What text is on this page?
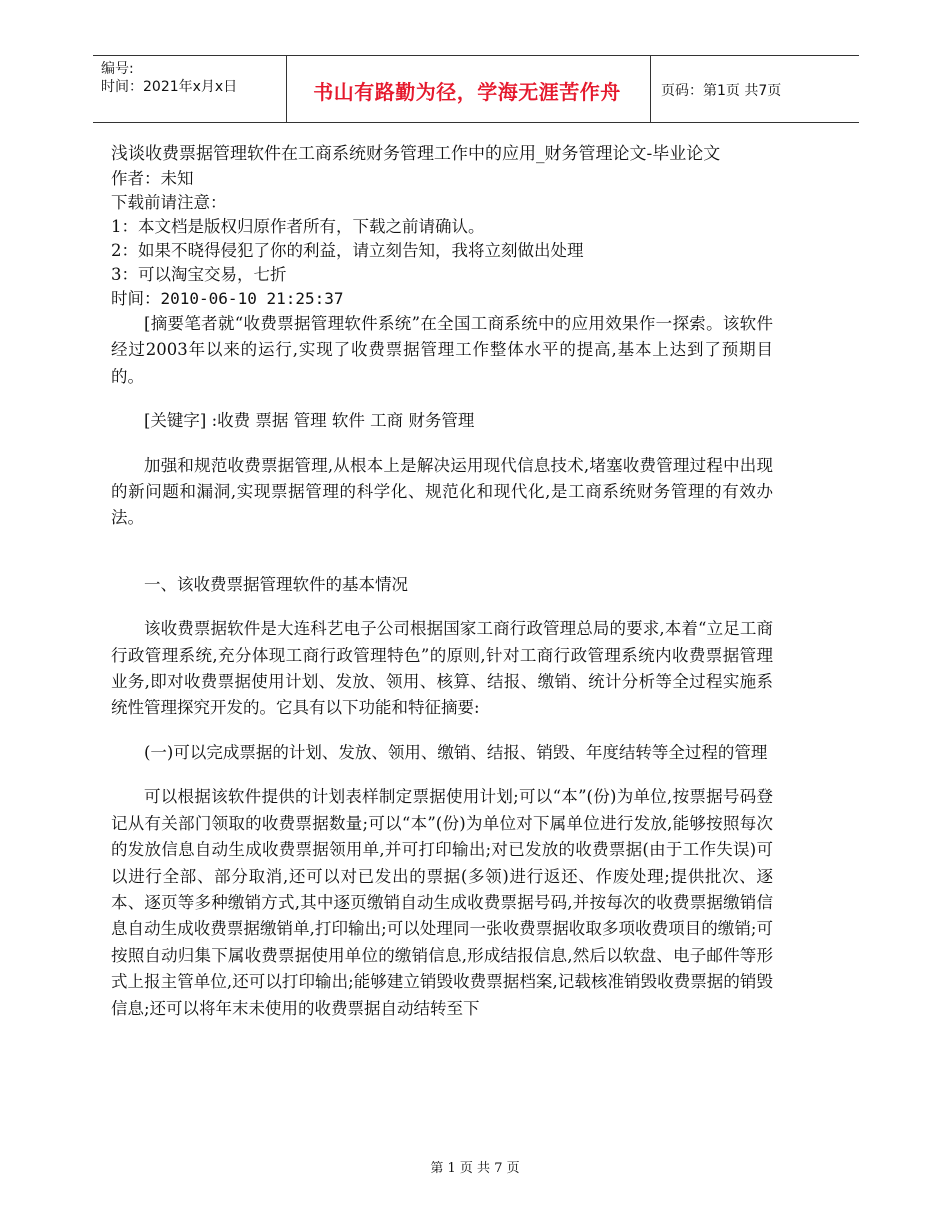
编号:
时间：2021年x月x日	书山有路勤为径，学海无涯苦作舟	页码：第1页 共7页
浅谈收费票据管理软件在工商系统财务管理工作中的应用_财务管理论文-毕业论文
作者：未知
下载前请注意：
1：本文档是版权归原作者所有，下载之前请确认。
2：如果不晓得侵犯了你的利益，请立刻告知，我将立刻做出处理
3：可以淘宝交易，七折
时间：2010-06-10 21:25:37

[摘要笔者就“收费票据管理软件系统”在全国工商系统中的应用效果作一探索。该软件经过2003年以来的运行,实现了收费票据管理工作整体水平的提高,基本上达到了预期目的。

[关键字] :收费 票据 管理 软件 工商 财务管理

加强和规范收费票据管理,从根本上是解决运用现代信息技术,堵塞收费管理过程中出现的新问题和漏洞,实现票据管理的科学化、规范化和现代化,是工商系统财务管理的有效办法。

一、该收费票据管理软件的基本情况

该收费票据软件是大连科艺电子公司根据国家工商行政管理总局的要求,本着“立足工商行政管理系统,充分体现工商行政管理特色”的原则,针对工商行政管理系统内收费票据管理业务,即对收费票据使用计划、发放、领用、核算、结报、缴销、统计分析等全过程实施系统性管理探究开发的。它具有以下功能和特征摘要:

(一)可以完成票据的计划、发放、领用、缴销、结报、销毁、年度结转等全过程的管理

可以根据该软件提供的计划表样制定票据使用计划;可以“本”(份)为单位,按票据号码登记从有关部门领取的收费票据数量;可以“本”(份)为单位对下属单位进行发放,能够按照每次的发放信息自动生成收费票据领用单,并可打印输出;对已发放的收费票据(由于工作失误)可以进行全部、部分取消,还可以对已发出的票据(多领)进行返还、作废处理;提供批次、逐本、逐页等多种缴销方式,其中逐页缴销自动生成收费票据号码,并按每次的收费票据缴销信息自动生成收费票据缴销单,打印输出;可以处理同一张收费票据收取多项收费项目的缴销;可按照自动归集下属收费票据使用单位的缴销信息,形成结报信息,然后以软盘、电子邮件等形式上报主管单位,还可以打印输出;能够建立销毁收费票据档案,记载核准销毁收费票据的销毁信息;还可以将年末未使用的收费票据自动结转至下

第 1 页 共 7 页
